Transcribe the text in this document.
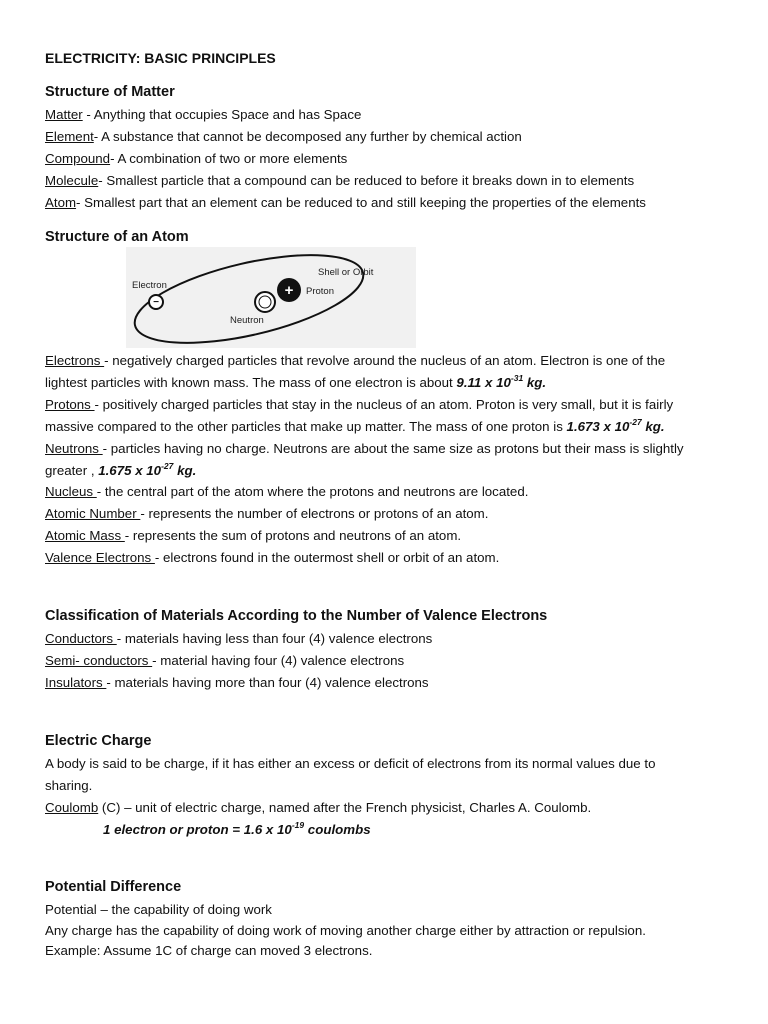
ELECTRICITY: BASIC PRINCIPLES
Structure of Matter
Matter - Anything that occupies Space and has Space
Element- A substance that cannot be decomposed any further by chemical action
Compound- A combination of two or more elements
Molecule- Smallest particle that a compound can be reduced to before it breaks down in to elements
Atom- Smallest part that an element can be reduced to and still keeping the properties of the elements
Structure of an Atom
−
+
Electron
Proton
Neutron
Shell or Orbit
Electrons - negatively charged particles that revolve around the nucleus of an atom. Electron is one of the
lightest particles with known mass. The mass of one electron is about 9.11 x $10^{-31}$ kg.
Protons - positively charged particles that stay in the nucleus of an atom. Proton is very small, but it is fairly
massive compared to the other particles that make up matter. The mass of one proton is 1.673 x $10^{-27}$ kg.
Neutrons - particles having no charge. Neutrons are about the same size as protons but their mass is slightly
greater , 1.675 x $10^{-27}$ kg.
Nucleus - the central part of the atom where the protons and neutrons are located.
Atomic Number - represents the number of electrons or protons of an atom.
Atomic Mass - represents the sum of protons and neutrons of an atom.
Valence Electrons - electrons found in the outermost shell or orbit of an atom.
Classification of Materials According to the Number of Valence Electrons
Conductors - materials having less than four (4) valence electrons
Semi- conductors - material having four (4) valence electrons
Insulators - materials having more than four (4) valence electrons
Electric Charge
A body is said to be charge, if it has either an excess or deficit of electrons from its normal values due to
sharing.
Coulomb (C) – unit of electric charge, named after the French physicist, Charles A. Coulomb.
1 electron or proton = 1.6 x $10^{-19}$ coulombs
Potential Difference
Potential – the capability of doing work
Any charge has the capability of doing work of moving another charge either by attraction or repulsion.
Example: Assume 1C of charge can moved 3 electrons.
